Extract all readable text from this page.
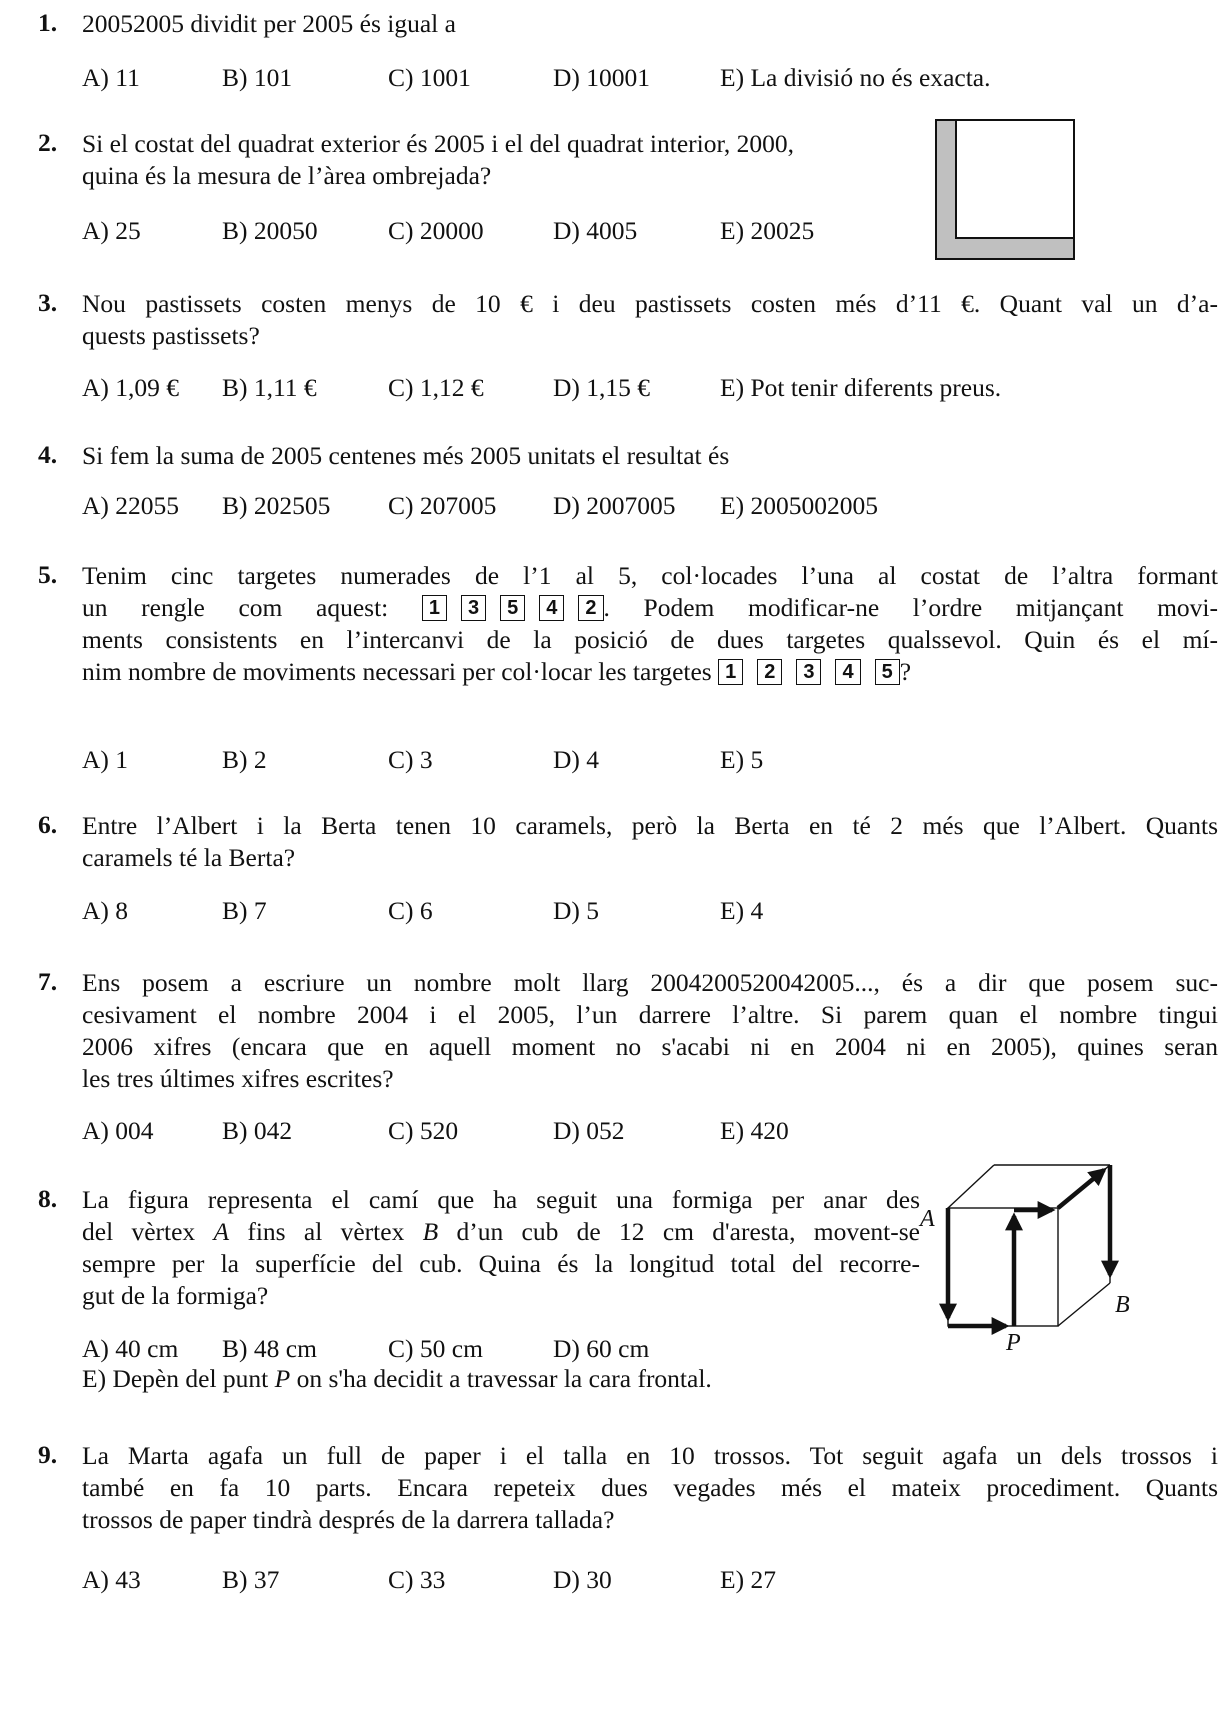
1. 20052005 dividit per 2005 és igual a
A) 11	B) 101	C) 1001	D) 10001	E) La divisió no és exacta.
2. Si el costat del quadrat exterior és 2005 i el del quadrat interior, 2000,
quina és la mesura de l’àrea ombrejada?
A) 25	B) 20050	C) 20000	D) 4005	E) 20025
3. Nou pastissets costen menys de 10 € i deu pastissets costen més d’11 €. Quant val un d’a-
quests pastissets?
A) 1,09 € B) 1,11 €	C) 1,12 €	D) 1,15 €	E) Pot tenir diferents preus.
4. Si fem la suma de 2005 centenes més 2005 unitats el resultat és
A) 22055 B) 202505 C) 207005 D) 2007005 E) 2005002005
5. Tenim cinc targetes numerades de l’1 al 5, col·locades l’una al costat de l’altra formant
un rengle com aquest:	1	3	5	4	2 . Podem modificar-ne l’ordre mitjançant movi-
ments consistents en l’intercanvi de la posició de dues targetes qualssevol. Quin és el mí-
nim nombre de moviments necessari per col·locar les targetes 1	2	3	4	5 ?
A) 1	B) 2	C) 3	D) 4	E) 5
6. Entre l’Albert i la Berta tenen 10 caramels, però la Berta en té 2 més que l’Albert. Quants
caramels té la Berta?
A) 8	B) 7	C) 6	D) 5	E) 4
7. Ens posem a escriure un nombre molt llarg 2004200520042005..., és a dir que posem suc-
cesivament el nombre 2004 i el 2005, l’un darrere l’altre. Si parem quan el nombre tingui
2006 xifres (encara que en aquell moment no s'acabi ni en 2004 ni en 2005), quines seran
les tres últimes xifres escrites?
A) 004	B) 042	C) 520	D) 052	E) 420
8. La figura representa el camí que ha seguit una formiga per anar des
del vèrtex A fins al vèrtex B d’un cub de 12 cm d'aresta, movent-se
sempre per la superfície del cub. Quina és la longitud total del recorre-
gut de la formiga?
A) 40 cm B) 48 cm	C) 50 cm	D) 60 cm
E) Depèn del punt P on s'ha decidit a travessar la cara frontal.
A
B
P
9. La Marta agafa un full de paper i el talla en 10 trossos. Tot seguit agafa un dels trossos i
també en fa 10 parts. Encara repeteix dues vegades més el mateix procediment. Quants
trossos de paper tindrà després de la darrera tallada?
A) 43	B) 37	C) 33	D) 30	E) 27
